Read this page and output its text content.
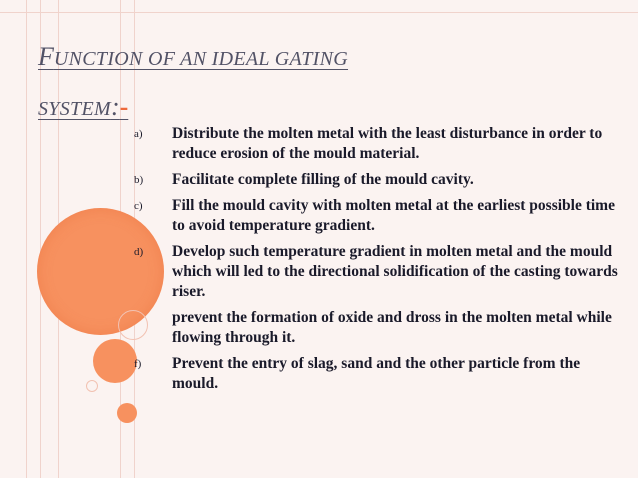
FUNCTION OF AN IDEAL GATING
SYSTEM:-
a)	Distribute the molten metal with the least disturbance in order to reduce erosion of the mould material.
b)	Facilitate complete filling of the mould cavity.
c)	Fill the mould cavity with molten metal at the earliest possible time to avoid temperature gradient.
d)	Develop such temperature gradient in molten metal and the mould which will led to the directional solidification of the casting towards riser.
prevent the formation of oxide and dross in the molten metal while flowing through it.
f)	Prevent the entry of slag, sand and the other particle from the mould.
